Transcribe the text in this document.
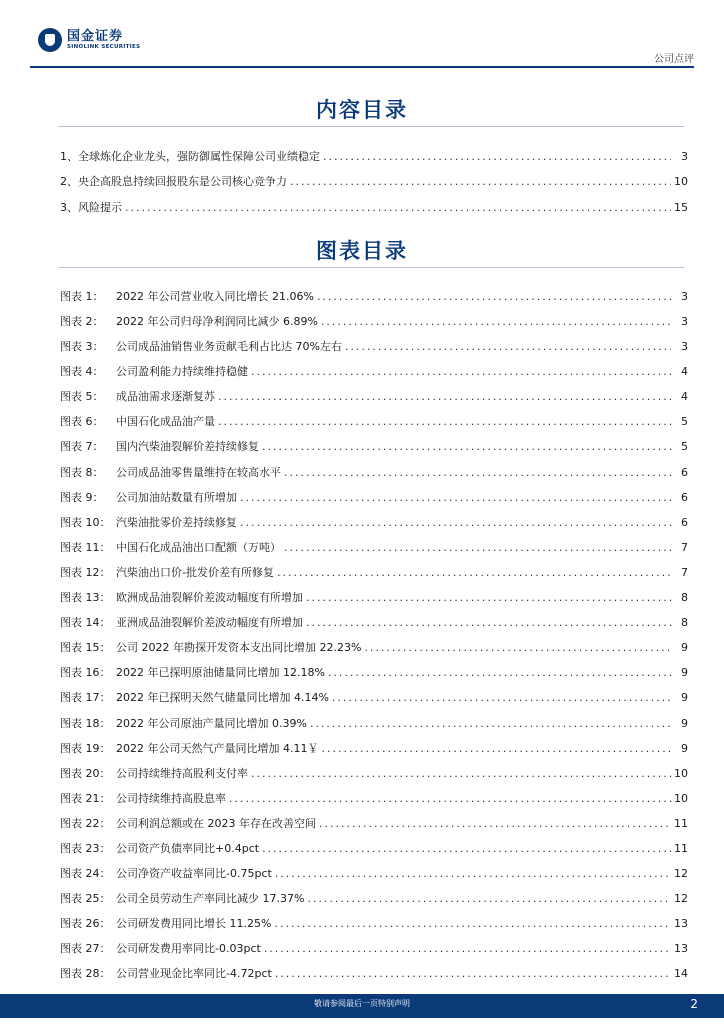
国金证券
SINOLINK SECURITIES
公司点评
内容目录
1、全球炼化企业龙头，强防御属性保障公司业绩稳定 .....	3
2、央企高股息持续回报股东是公司核心竞争力 .....	10
3、风险提示 .....	15
图表目录
图表 1： 2022 年公司营业收入同比增长 21.06% .....	3
图表 2： 2022 年公司归母净利润同比减少 6.89% .....	3
图表 3： 公司成品油销售业务贡献毛利占比达 70%左右 .....	3
图表 4： 公司盈利能力持续维持稳健 .....	4
图表 5： 成品油需求逐渐复苏 .....	4
图表 6： 中国石化成品油产量 .....	5
图表 7： 国内汽柴油裂解价差持续修复 .....	5
图表 8： 公司成品油零售量维持在较高水平 .....	6
图表 9： 公司加油站数量有所增加 .....	6
图表 10： 汽柴油批零价差持续修复 .....	6
图表 11： 中国石化成品油出口配额（万吨） .....	7
图表 12： 汽柴油出口价-批发价差有所修复 .....	7
图表 13： 欧洲成品油裂解价差波动幅度有所增加 .....	8
图表 14： 亚洲成品油裂解价差波动幅度有所增加 .....	8
图表 15： 公司 2022 年勘探开发资本支出同比增加 22.23% .....	9
图表 16： 2022 年已探明原油储量同比增加 12.18% .....	9
图表 17： 2022 年已探明天然气储量同比增加 4.14% .....	9
图表 18： 2022 年公司原油产量同比增加 0.39% .....	9
图表 19： 2022 年公司天然气产量同比增加 4.11￥ .....	9
图表 20： 公司持续维持高股利支付率 .....	10
图表 21： 公司持续维持高股息率 .....	10
图表 22： 公司利润总额或在 2023 年存在改善空间 .....	11
图表 23： 公司资产负债率同比+0.4pct .....	11
图表 24： 公司净资产收益率同比-0.75pct .....	12
图表 25： 公司全员劳动生产率同比减少 17.37% .....	12
图表 26： 公司研发费用同比增长 11.25% .....	13
图表 27： 公司研发费用率同比-0.03pct .....	13
图表 28： 公司营业现金比率同比-4.72pct .....	14
敬请参阅最后一页特别声明	2
